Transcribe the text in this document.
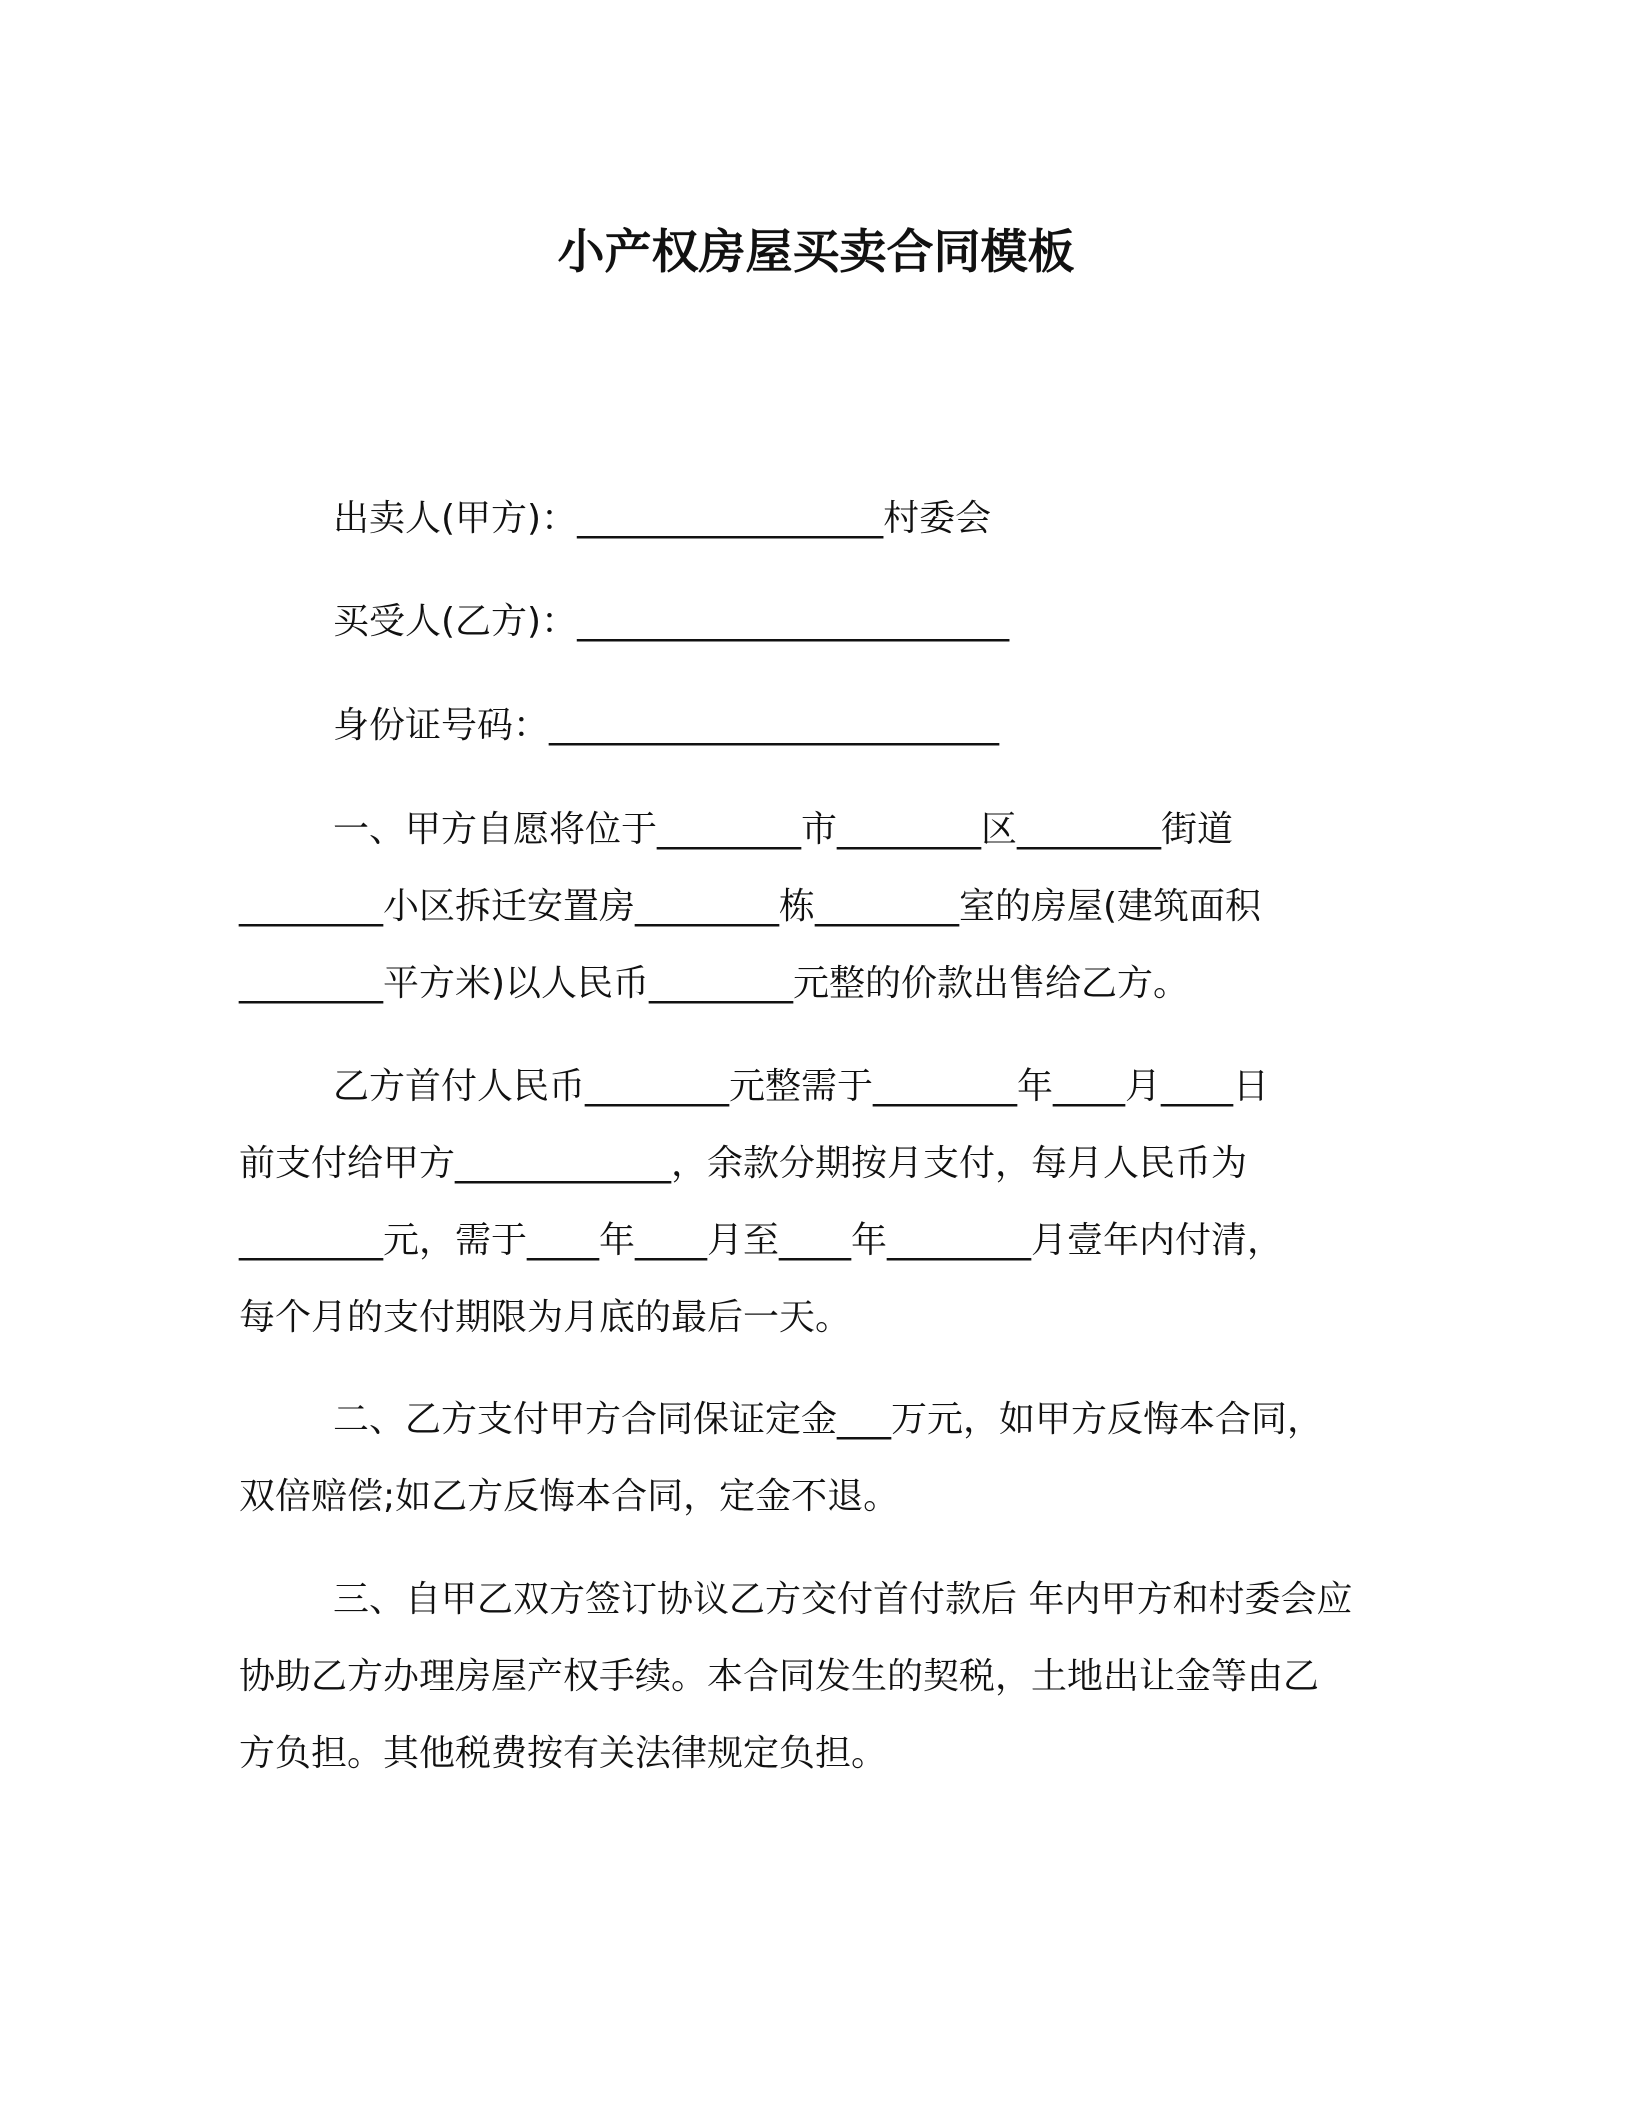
小产权房屋买卖合同模板
出卖人(甲方)：_________________村委会
买受人(乙方)：________________________
身份证号码：_________________________
一、甲方自愿将位于________市________区________街道
________小区拆迁安置房________栋________室的房屋(建筑面积
________平方米)以人民币________元整的价款出售给乙方。
乙方首付人民币________元整需于________年____月____日
前支付给甲方____________，余款分期按月支付，每月人民币为
________元，需于____年____月至____年________月壹年内付清，
每个月的支付期限为月底的最后一天。
二、乙方支付甲方合同保证定金___万元，如甲方反悔本合同，
双倍赔偿;如乙方反悔本合同，定金不退。
三、自甲乙双方签订协议乙方交付首付款后 年内甲方和村委会应
协助乙方办理房屋产权手续。本合同发生的契税，土地出让金等由乙
方负担。其他税费按有关法律规定负担。
